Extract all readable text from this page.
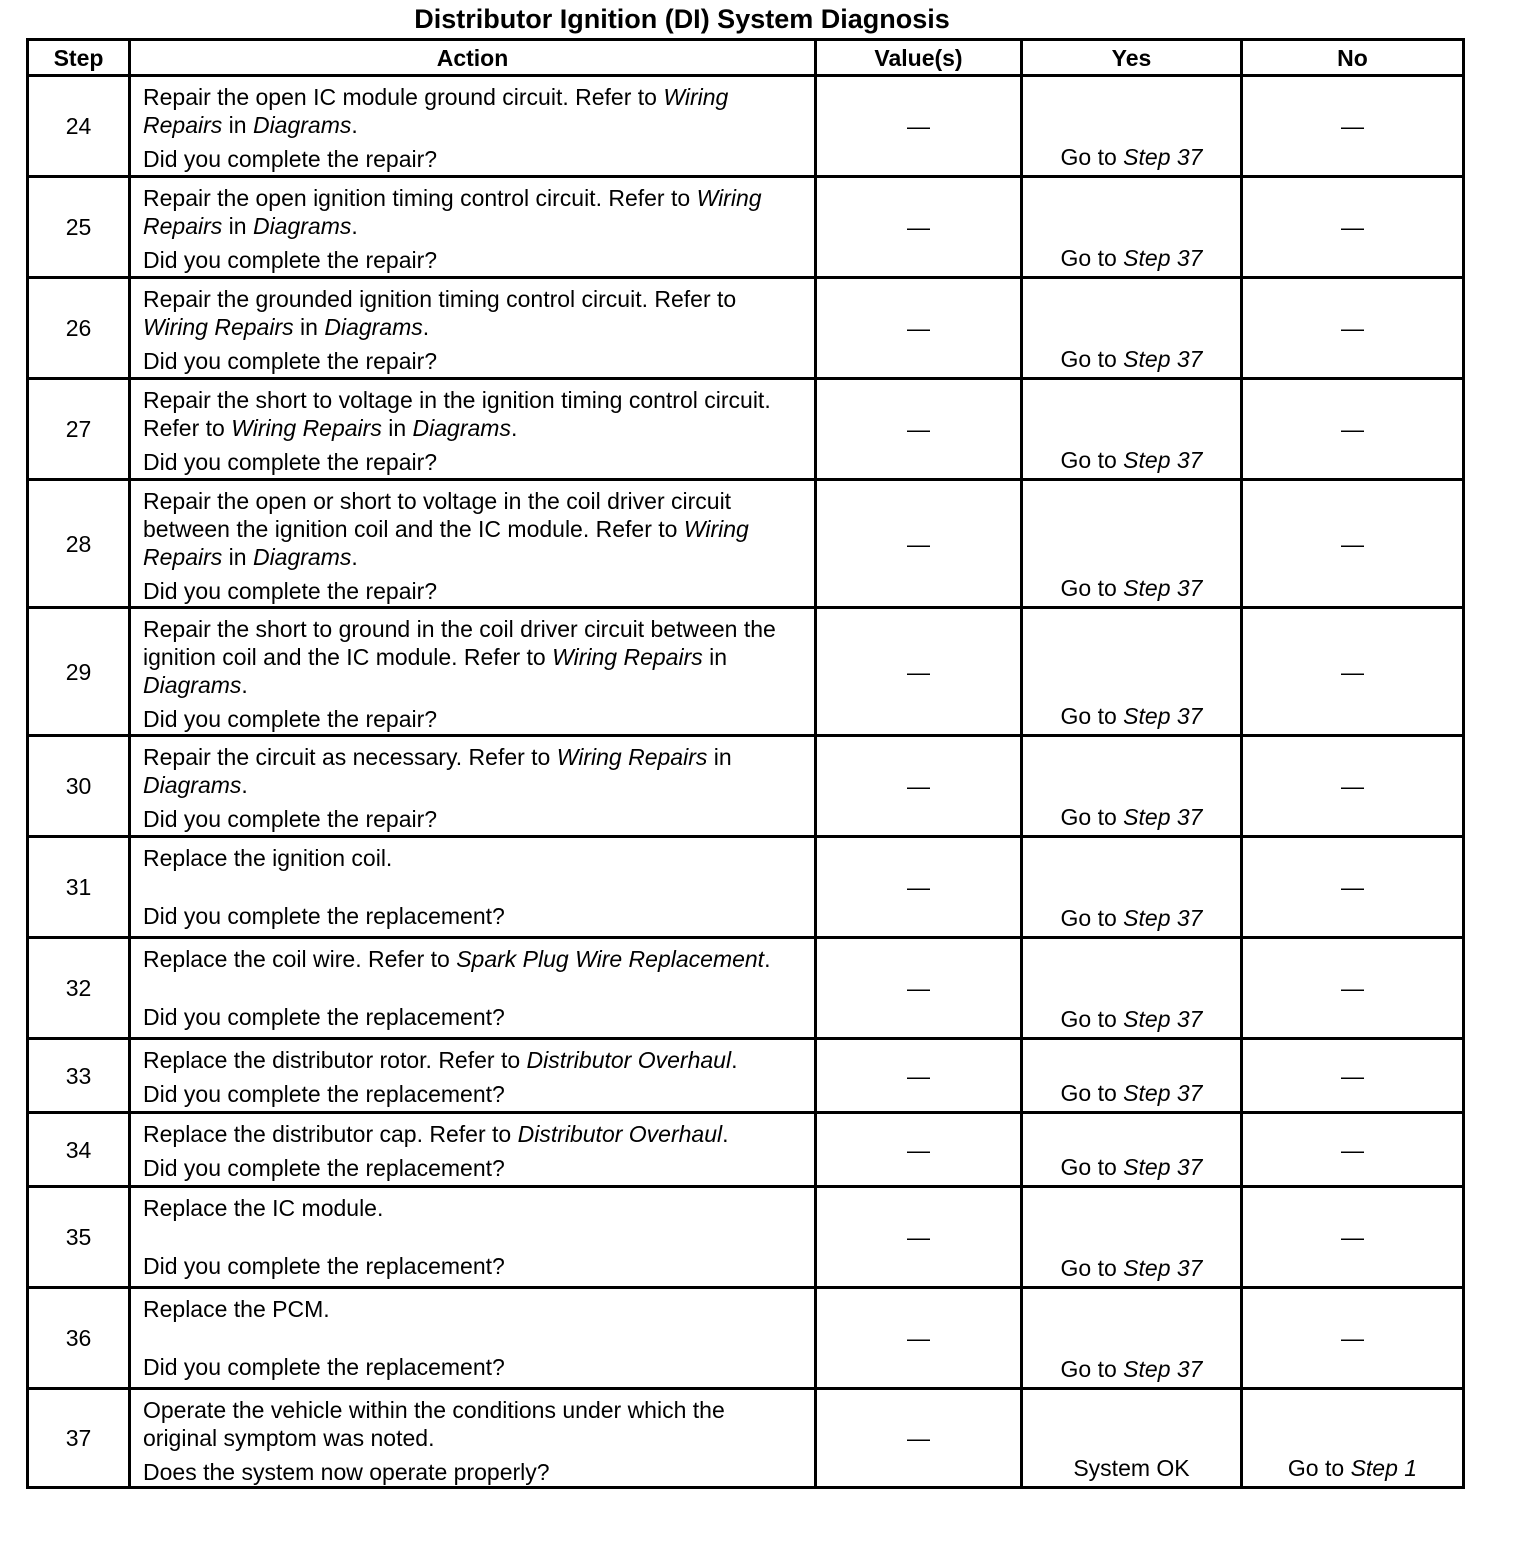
Distributor Ignition (DI) System Diagnosis
Step	Action	Value(s)	Yes	No
24	Repair the open IC module ground circuit. Refer to Wiring Repairs in Diagrams.
Did you complete the repair?	—	Go to Step 37	—
25	Repair the open ignition timing control circuit. Refer to Wiring Repairs in Diagrams.
Did you complete the repair?	—	Go to Step 37	—
26	Repair the grounded ignition timing control circuit. Refer to Wiring Repairs in Diagrams.
Did you complete the repair?	—	Go to Step 37	—
27	Repair the short to voltage in the ignition timing control circuit. Refer to Wiring Repairs in Diagrams.
Did you complete the repair?	—	Go to Step 37	—
28	Repair the open or short to voltage in the coil driver circuit between the ignition coil and the IC module. Refer to Wiring Repairs in Diagrams.
Did you complete the repair?	—	Go to Step 37	—
29	Repair the short to ground in the coil driver circuit between the ignition coil and the IC module. Refer to Wiring Repairs in Diagrams.
Did you complete the repair?	—	Go to Step 37	—
30	Repair the circuit as necessary. Refer to Wiring Repairs in Diagrams.
Did you complete the repair?	—	Go to Step 37	—
31	Replace the ignition coil.
Did you complete the replacement?	—	Go to Step 37	—
32	Replace the coil wire. Refer to Spark Plug Wire Replacement.
Did you complete the replacement?	—	Go to Step 37	—
33	Replace the distributor rotor. Refer to Distributor Overhaul.
Did you complete the replacement?	—	Go to Step 37	—
34	Replace the distributor cap. Refer to Distributor Overhaul.
Did you complete the replacement?	—	Go to Step 37	—
35	Replace the IC module.
Did you complete the replacement?	—	Go to Step 37	—
36	Replace the PCM.
Did you complete the replacement?	—	Go to Step 37	—
37	Operate the vehicle within the conditions under which the original symptom was noted.
Does the system now operate properly?	—	System OK	Go to Step 1
